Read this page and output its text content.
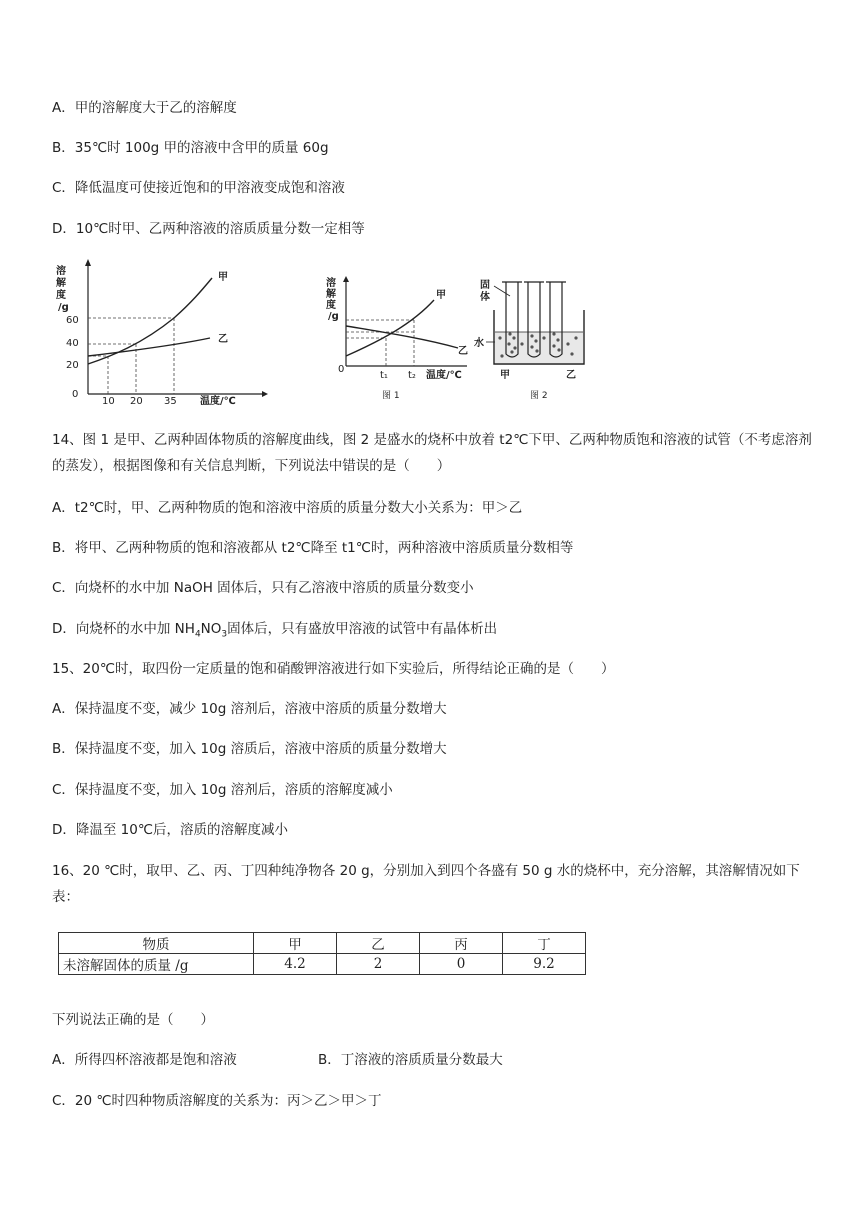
A．甲的溶解度大于乙的溶解度
B．35℃时 100g 甲的溶液中含甲的质量 60g
C．降低温度可使接近饱和的甲溶液变成饱和溶液
D．10℃时甲、乙两种溶液的溶质质量分数一定相等
溶
解
度
/g
60
40
20
0
10 20 35 温度/℃
甲
乙
溶
解
度
/g
0
甲
乙
t₁ t₂ 温度/℃
图 1
固
体
水
甲	乙
图 2
14、图 1 是甲、乙两种固体物质的溶解度曲线，图 2 是盛水的烧杯中放着 t2℃下甲、乙两种物质饱和溶液的试管（不考虑溶剂的蒸发），根据图像和有关信息判断，下列说法中错误的是（　　）
A．t2℃时，甲、乙两种物质的饱和溶液中溶质的质量分数大小关系为：甲＞乙
B．将甲、乙两种物质的饱和溶液都从 t2℃降至 t1℃时，两种溶液中溶质质量分数相等
C．向烧杯的水中加 NaOH 固体后，只有乙溶液中溶质的质量分数变小
D．向烧杯的水中加 $NH_4NO_3$固体后，只有盛放甲溶液的试管中有晶体析出
15、20℃时，取四份一定质量的饱和硝酸钾溶液进行如下实验后，所得结论正确的是（　　）
A．保持温度不变，减少 10g 溶剂后，溶液中溶质的质量分数增大
B．保持温度不变，加入 10g 溶质后，溶液中溶质的质量分数增大
C．保持温度不变，加入 10g 溶剂后，溶质的溶解度减小
D．降温至 10℃后，溶质的溶解度减小
16、20 ℃时，取甲、乙、丙、丁四种纯净物各 20 g，分别加入到四个各盛有 50 g 水的烧杯中，充分溶解，其溶解情况如下表：
物质	甲	乙	丙	丁
未溶解固体的质量 /g	4.2	2	0	9.2
下列说法正确的是（　　）
A．所得四杯溶液都是饱和溶液	B．丁溶液的溶质质量分数最大
C．20 ℃时四种物质溶解度的关系为：丙＞乙＞甲＞丁
